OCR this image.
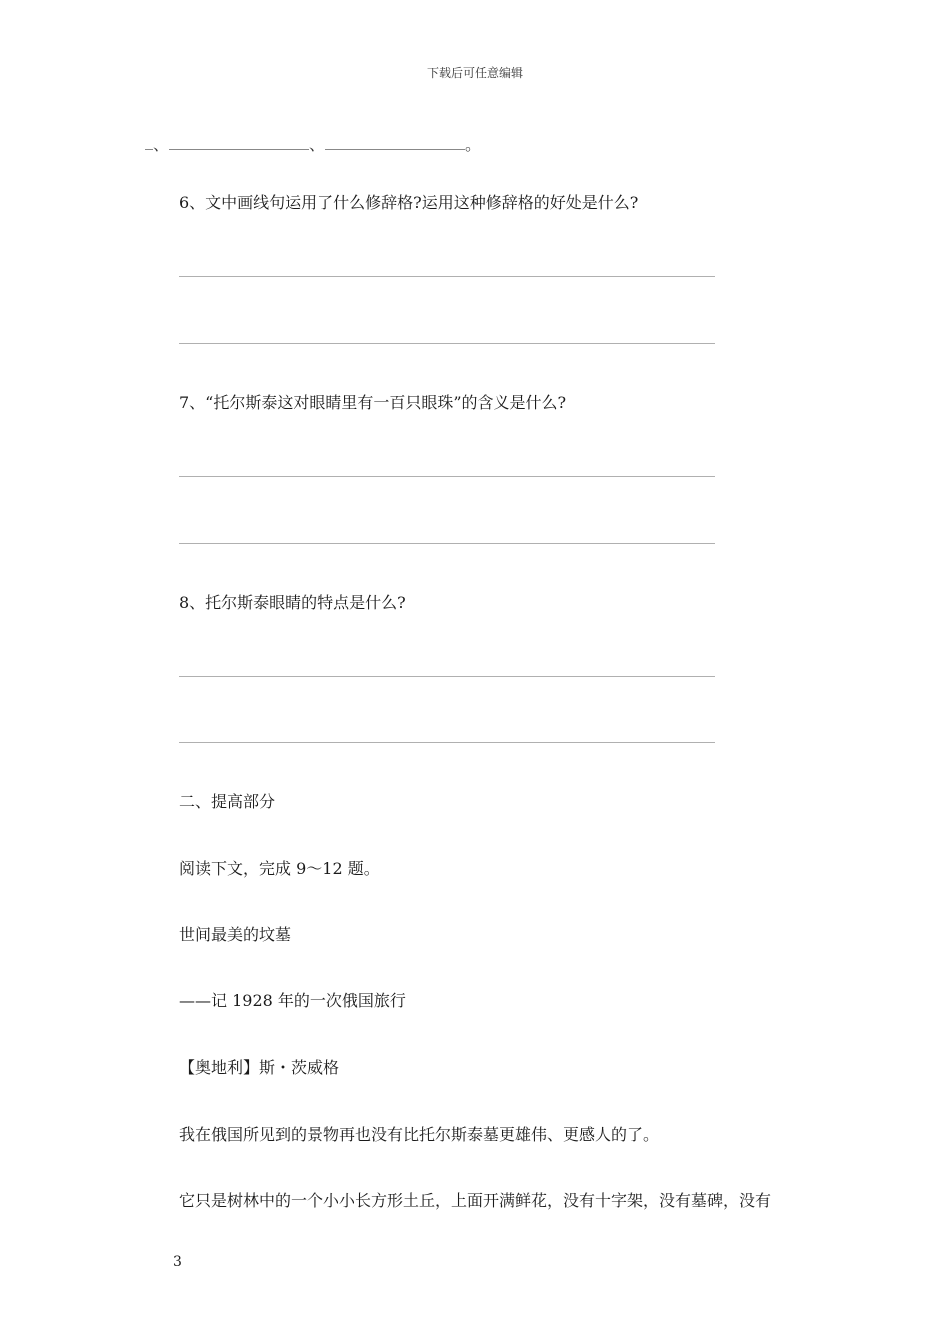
下载后可任意编辑
、	、	。
6、文中画线句运用了什么修辞格?运用这种修辞格的好处是什么?
7、“托尔斯泰这对眼睛里有一百只眼珠”的含义是什么?
8、托尔斯泰眼睛的特点是什么?
二、提高部分
阅读下文，完成 9～12 题。
世间最美的坟墓
——记 1928 年的一次俄国旅行
【奥地利】斯・茨威格
我在俄国所见到的景物再也没有比托尔斯泰墓更雄伟、更感人的了。
它只是树林中的一个小小长方形土丘，上面开满鲜花，没有十字架，没有墓碑，没有
3
